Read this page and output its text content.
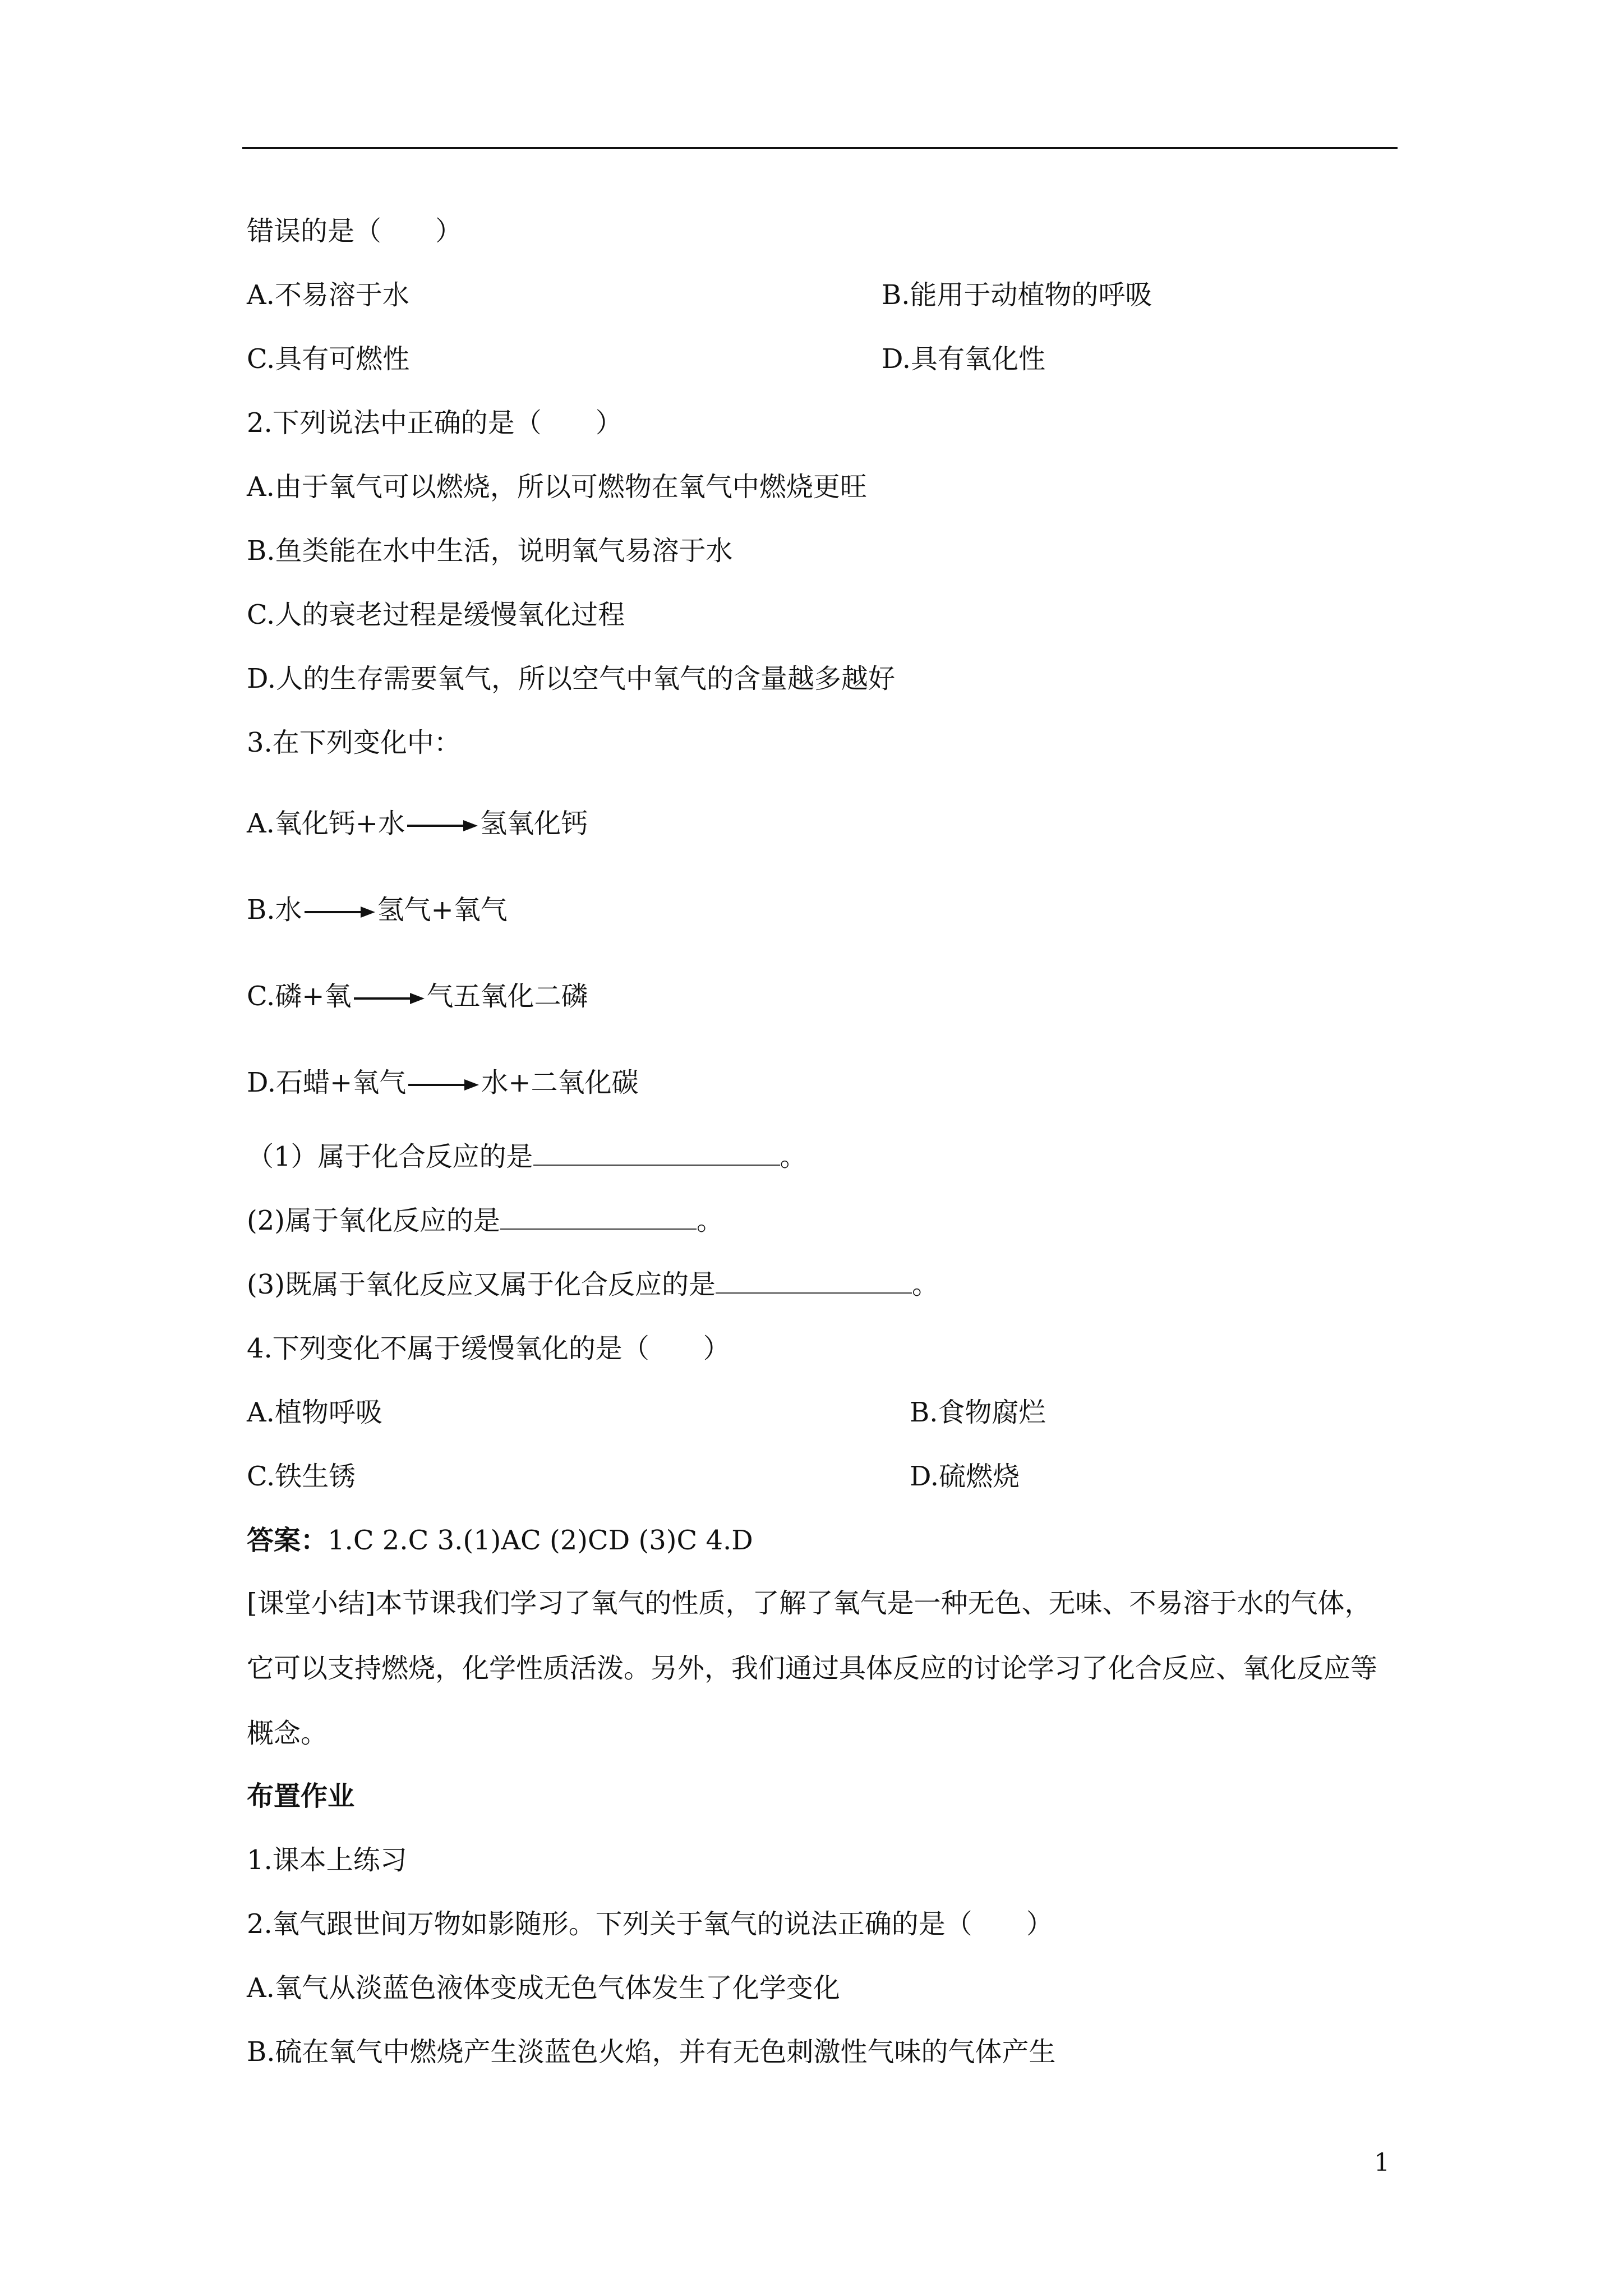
错误的是（　　）
A.不易溶于水	B.能用于动植物的呼吸
C.具有可燃性	D.具有氧化性
2.下列说法中正确的是（　　）
A.由于氧气可以燃烧，所以可燃物在氧气中燃烧更旺
B.鱼类能在水中生活，说明氧气易溶于水
C.人的衰老过程是缓慢氧化过程
D.人的生存需要氧气，所以空气中氧气的含量越多越好
3.在下列变化中：
A.氧化钙+水 → 氢氧化钙
B.水 → 氢气+氧气
C.磷+氧 → 气五氧化二磷
D.石蜡+氧气 → 水+二氧化碳
（1）属于化合反应的是	。
(2)属于氧化反应的是	。
(3)既属于氧化反应又属于化合反应的是	。
4.下列变化不属于缓慢氧化的是（　　）
A.植物呼吸	B.食物腐烂
C.铁生锈	D.硫燃烧
答案：1.C 2.C 3.(1)AC (2)CD (3)C 4.D
[课堂小结]本节课我们学习了氧气的性质，了解了氧气是一种无色、无味、不易溶于水的气体，它可以支持燃烧，化学性质活泼。另外，我们通过具体反应的讨论学习了化合反应、氧化反应等概念。
布置作业
1.课本上练习
2.氧气跟世间万物如影随形。下列关于氧气的说法正确的是（　　）
A.氧气从淡蓝色液体变成无色气体发生了化学变化
B.硫在氧气中燃烧产生淡蓝色火焰，并有无色刺激性气味的气体产生
1
